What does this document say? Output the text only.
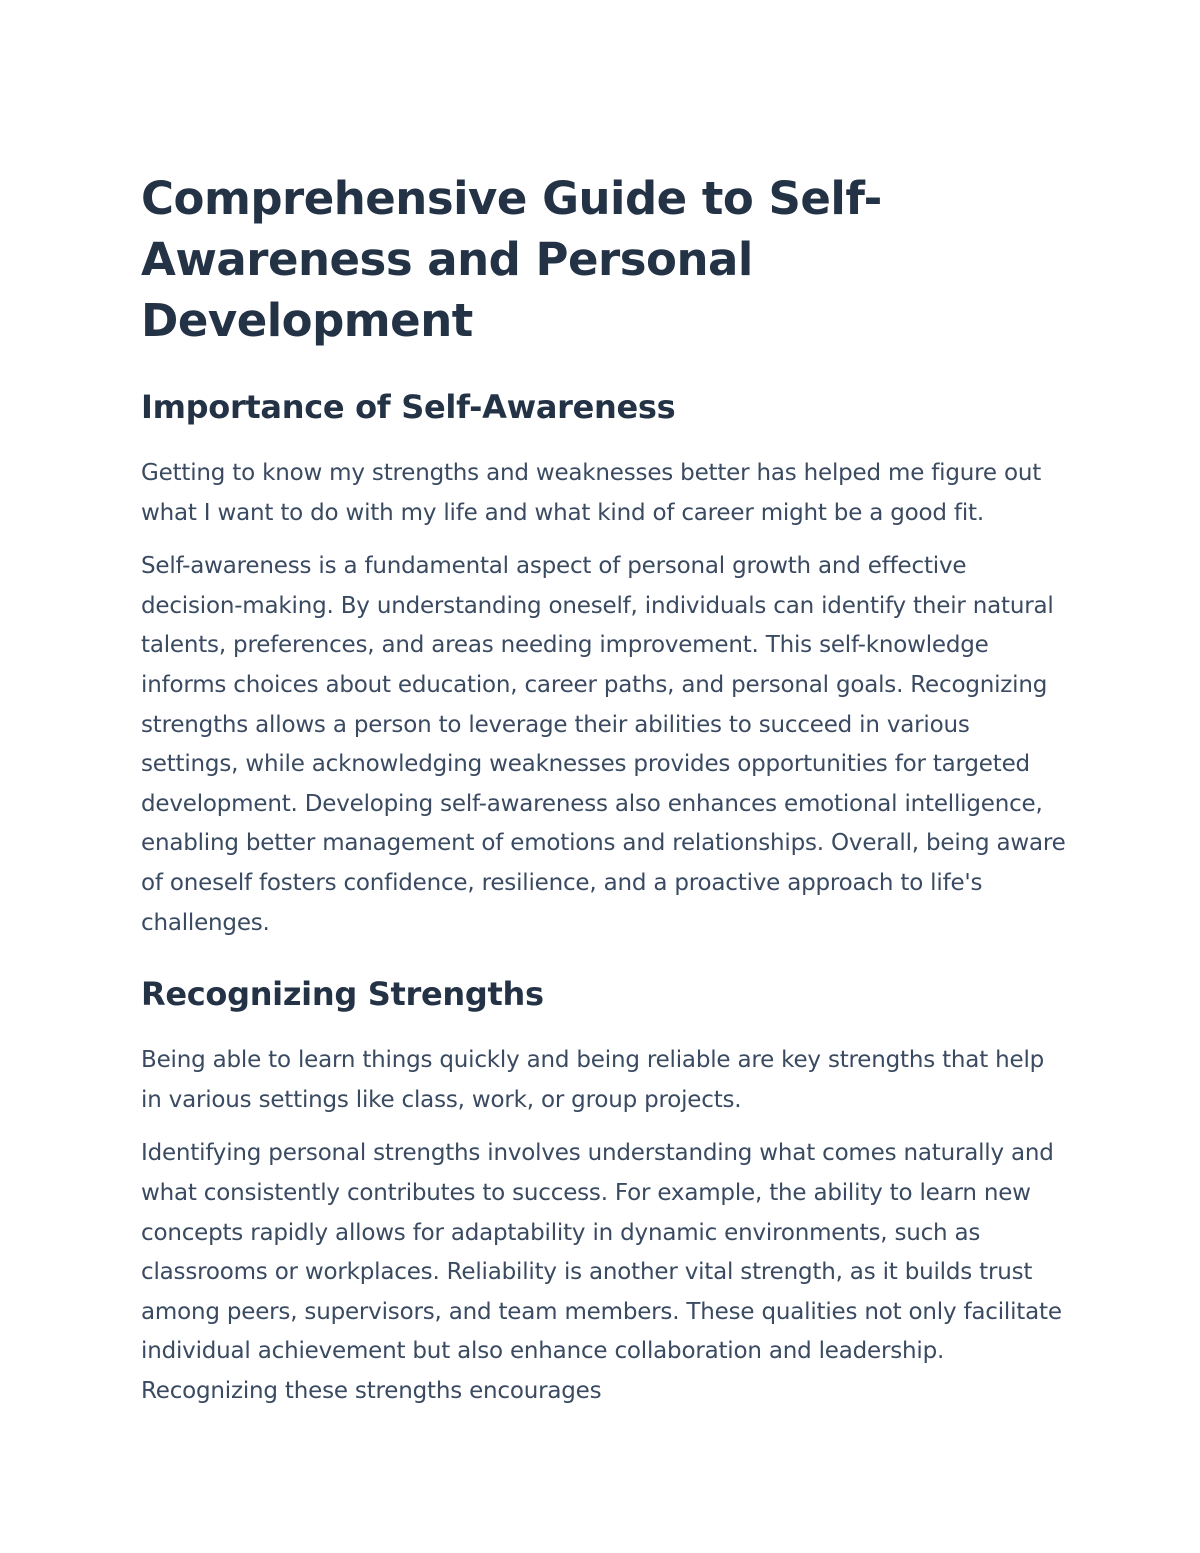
Comprehensive Guide to Self-Awareness and Personal Development
Importance of Self-Awareness

Getting to know my strengths and weaknesses better has helped me figure out what I want to do with my life and what kind of career might be a good fit.

Self-awareness is a fundamental aspect of personal growth and effective decision-making. By understanding oneself, individuals can identify their natural talents, preferences, and areas needing improvement. This self-knowledge informs choices about education, career paths, and personal goals. Recognizing strengths allows a person to leverage their abilities to succeed in various settings, while acknowledging weaknesses provides opportunities for targeted development. Developing self-awareness also enhances emotional intelligence, enabling better management of emotions and relationships. Overall, being aware of oneself fosters confidence, resilience, and a proactive approach to life's challenges.

Recognizing Strengths

Being able to learn things quickly and being reliable are key strengths that help in various settings like class, work, or group projects.

Identifying personal strengths involves understanding what comes naturally and what consistently contributes to success. For example, the ability to learn new concepts rapidly allows for adaptability in dynamic environments, such as classrooms or workplaces. Reliability is another vital strength, as it builds trust among peers, supervisors, and team members. These qualities not only facilitate individual achievement but also enhance collaboration and leadership. Recognizing these strengths encourages
